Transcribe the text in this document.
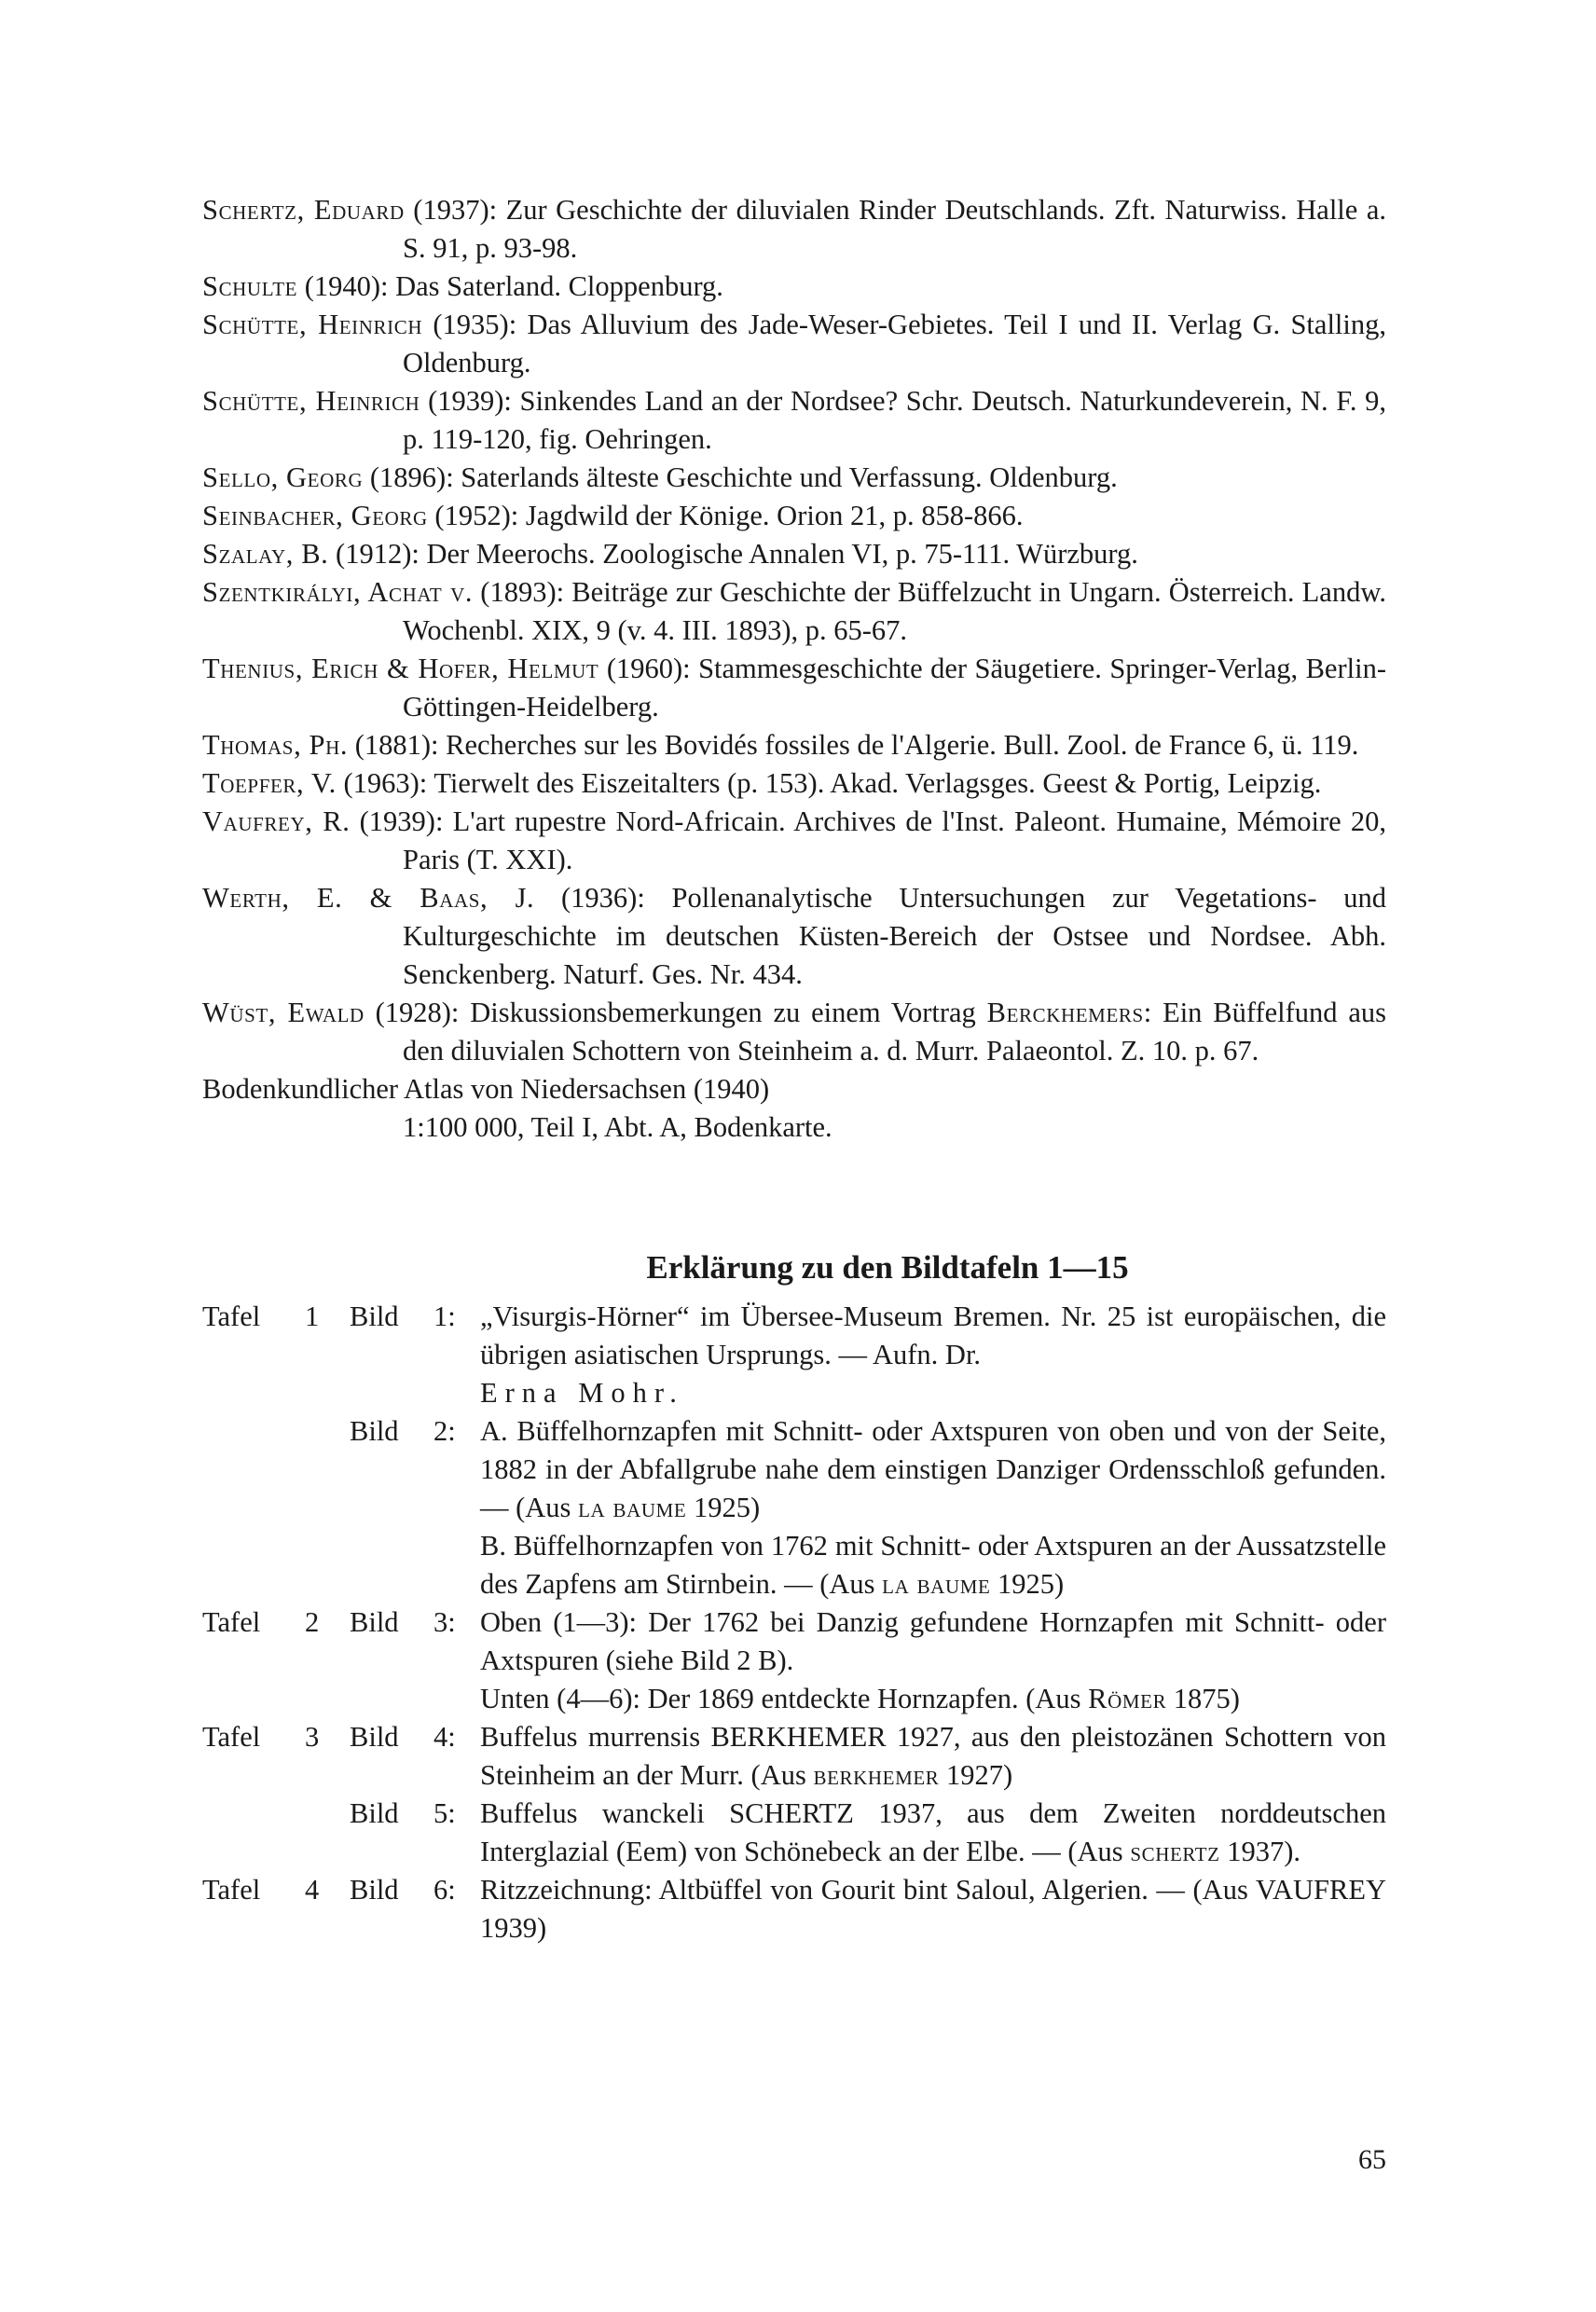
Schertz, Eduard (1937): Zur Geschichte der diluvialen Rinder Deutschlands. Zft. Naturwiss. Halle a. S. 91, p. 93-98.
Schulte (1940): Das Saterland. Cloppenburg.
Schütte, Heinrich (1935): Das Alluvium des Jade-Weser-Gebietes. Teil I und II. Verlag G. Stalling, Oldenburg.
Schütte, Heinrich (1939): Sinkendes Land an der Nordsee? Schr. Deutsch. Naturkundeverein, N. F. 9, p. 119-120, fig. Oehringen.
Sello, Georg (1896): Saterlands älteste Geschichte und Verfassung. Oldenburg.
Seinbacher, Georg (1952): Jagdwild der Könige. Orion 21, p. 858-866.
Szalay, B. (1912): Der Meerochs. Zoologische Annalen VI, p. 75-111. Würzburg.
Szentkirályi, Achat v. (1893): Beiträge zur Geschichte der Büffelzucht in Ungarn. Österreich. Landw. Wochenbl. XIX, 9 (v. 4. III. 1893), p. 65-67.
Thenius, Erich & Hofer, Helmut (1960): Stammesgeschichte der Säugetiere. Springer-Verlag, Berlin-Göttingen-Heidelberg.
Thomas, Ph. (1881): Recherches sur les Bovidés fossiles de l'Algerie. Bull. Zool. de France 6, ü. 119.
Toepfer, V. (1963): Tierwelt des Eiszeitalters (p. 153). Akad. Verlagsges. Geest & Portig, Leipzig.
Vaufrey, R. (1939): L'art rupestre Nord-Africain. Archives de l'Inst. Paleont. Humaine, Mémoire 20, Paris (T. XXI).
Werth, E. & Baas, J. (1936): Pollenanalytische Untersuchungen zur Vegetations- und Kulturgeschichte im deutschen Küsten-Bereich der Ostsee und Nordsee. Abh. Senckenberg. Naturf. Ges. Nr. 434.
Wüst, Ewald (1928): Diskussionsbemerkungen zu einem Vortrag Berckhemers: Ein Büffelfund aus den diluvialen Schottern von Steinheim a. d. Murr. Palaeontol. Z. 10. p. 67.
Bodenkundlicher Atlas von Niedersachsen (1940)
1:100 000, Teil I, Abt. A, Bodenkarte.
Erklärung zu den Bildtafeln 1—15
Tafel	1	Bild	1: „Visurgis-Hörner“ im Übersee-Museum Bremen. Nr. 25 ist europäischen, die übrigen asiatischen Ursprungs. — Aufn. Dr.
Erna Mohr.
Bild	2: A. Büffelhornzapfen mit Schnitt- oder Axtspuren von oben und von der Seite, 1882 in der Abfallgrube nahe dem einstigen Danziger Ordensschloß gefunden. — (Aus la baume 1925)
B. Büffelhornzapfen von 1762 mit Schnitt- oder Axtspuren an der Aussatzstelle des Zapfens am Stirnbein. — (Aus la baume 1925)
Tafel	2	Bild	3: Oben (1—3): Der 1762 bei Danzig gefundene Hornzapfen mit Schnitt- oder Axtspuren (siehe Bild 2 B).
Unten (4—6): Der 1869 entdeckte Hornzapfen. (Aus Römer 1875)
Tafel	3	Bild	4: Buffelus murrensis BERKHEMER 1927, aus den pleistozänen Schottern von Steinheim an der Murr. (Aus berkhemer 1927)
Bild	5: Buffelus wanckeli SCHERTZ 1937, aus dem Zweiten norddeutschen Interglazial (Eem) von Schönebeck an der Elbe. — (Aus schertz 1937).
Tafel	4	Bild	6: Ritzzeichnung: Altbüffel von Gourit bint Saloul, Algerien. — (Aus VAUFREY 1939)
65
